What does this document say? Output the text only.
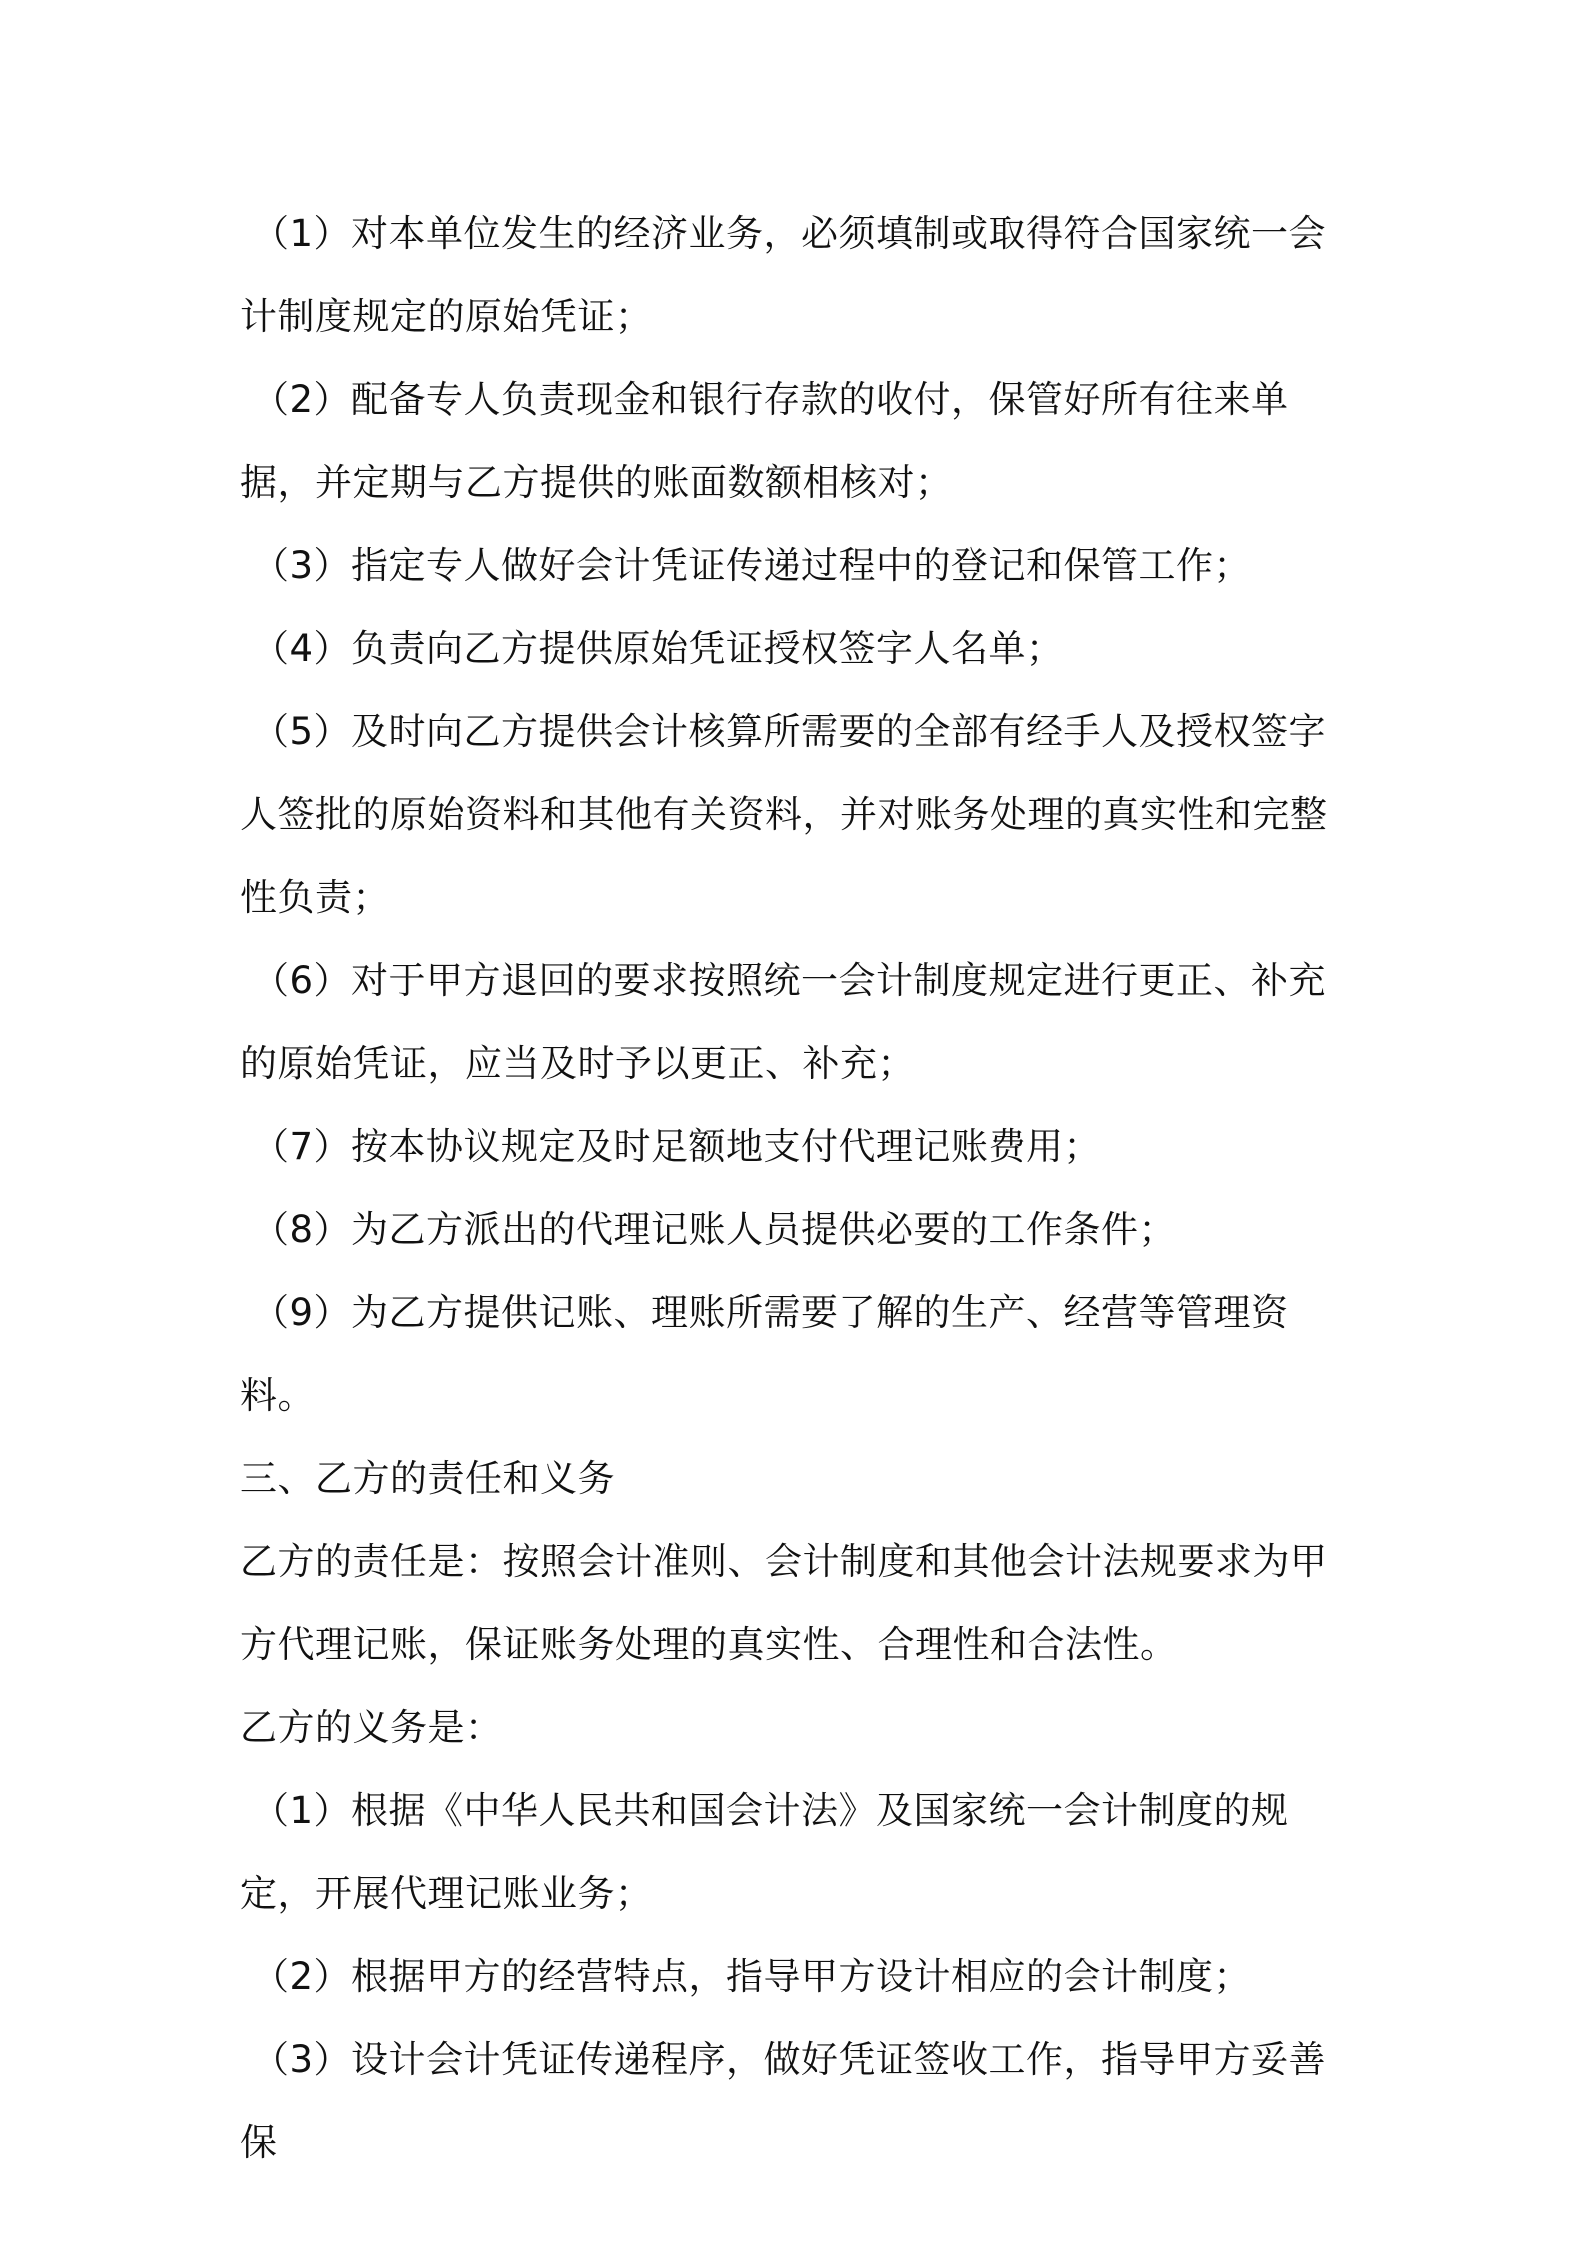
（1）对本单位发生的经济业务，必须填制或取得符合国家统一会计制度规定的原始凭证；

（2）配备专人负责现金和银行存款的收付，保管好所有往来单据，并定期与乙方提供的账面数额相核对；

（3）指定专人做好会计凭证传递过程中的登记和保管工作；

（4）负责向乙方提供原始凭证授权签字人名单；

（5）及时向乙方提供会计核算所需要的全部有经手人及授权签字人签批的原始资料和其他有关资料，并对账务处理的真实性和完整性负责；

（6）对于甲方退回的要求按照统一会计制度规定进行更正、补充的原始凭证，应当及时予以更正、补充；

（7）按本协议规定及时足额地支付代理记账费用；

（8）为乙方派出的代理记账人员提供必要的工作条件；

（9）为乙方提供记账、理账所需要了解的生产、经营等管理资料。

三、乙方的责任和义务

乙方的责任是：按照会计准则、会计制度和其他会计法规要求为甲方代理记账，保证账务处理的真实性、合理性和合法性。

乙方的义务是：

（1）根据《中华人民共和国会计法》及国家统一会计制度的规定，开展代理记账业务；

（2）根据甲方的经营特点，指导甲方设计相应的会计制度；

（3）设计会计凭证传递程序，做好凭证签收工作，指导甲方妥善保
